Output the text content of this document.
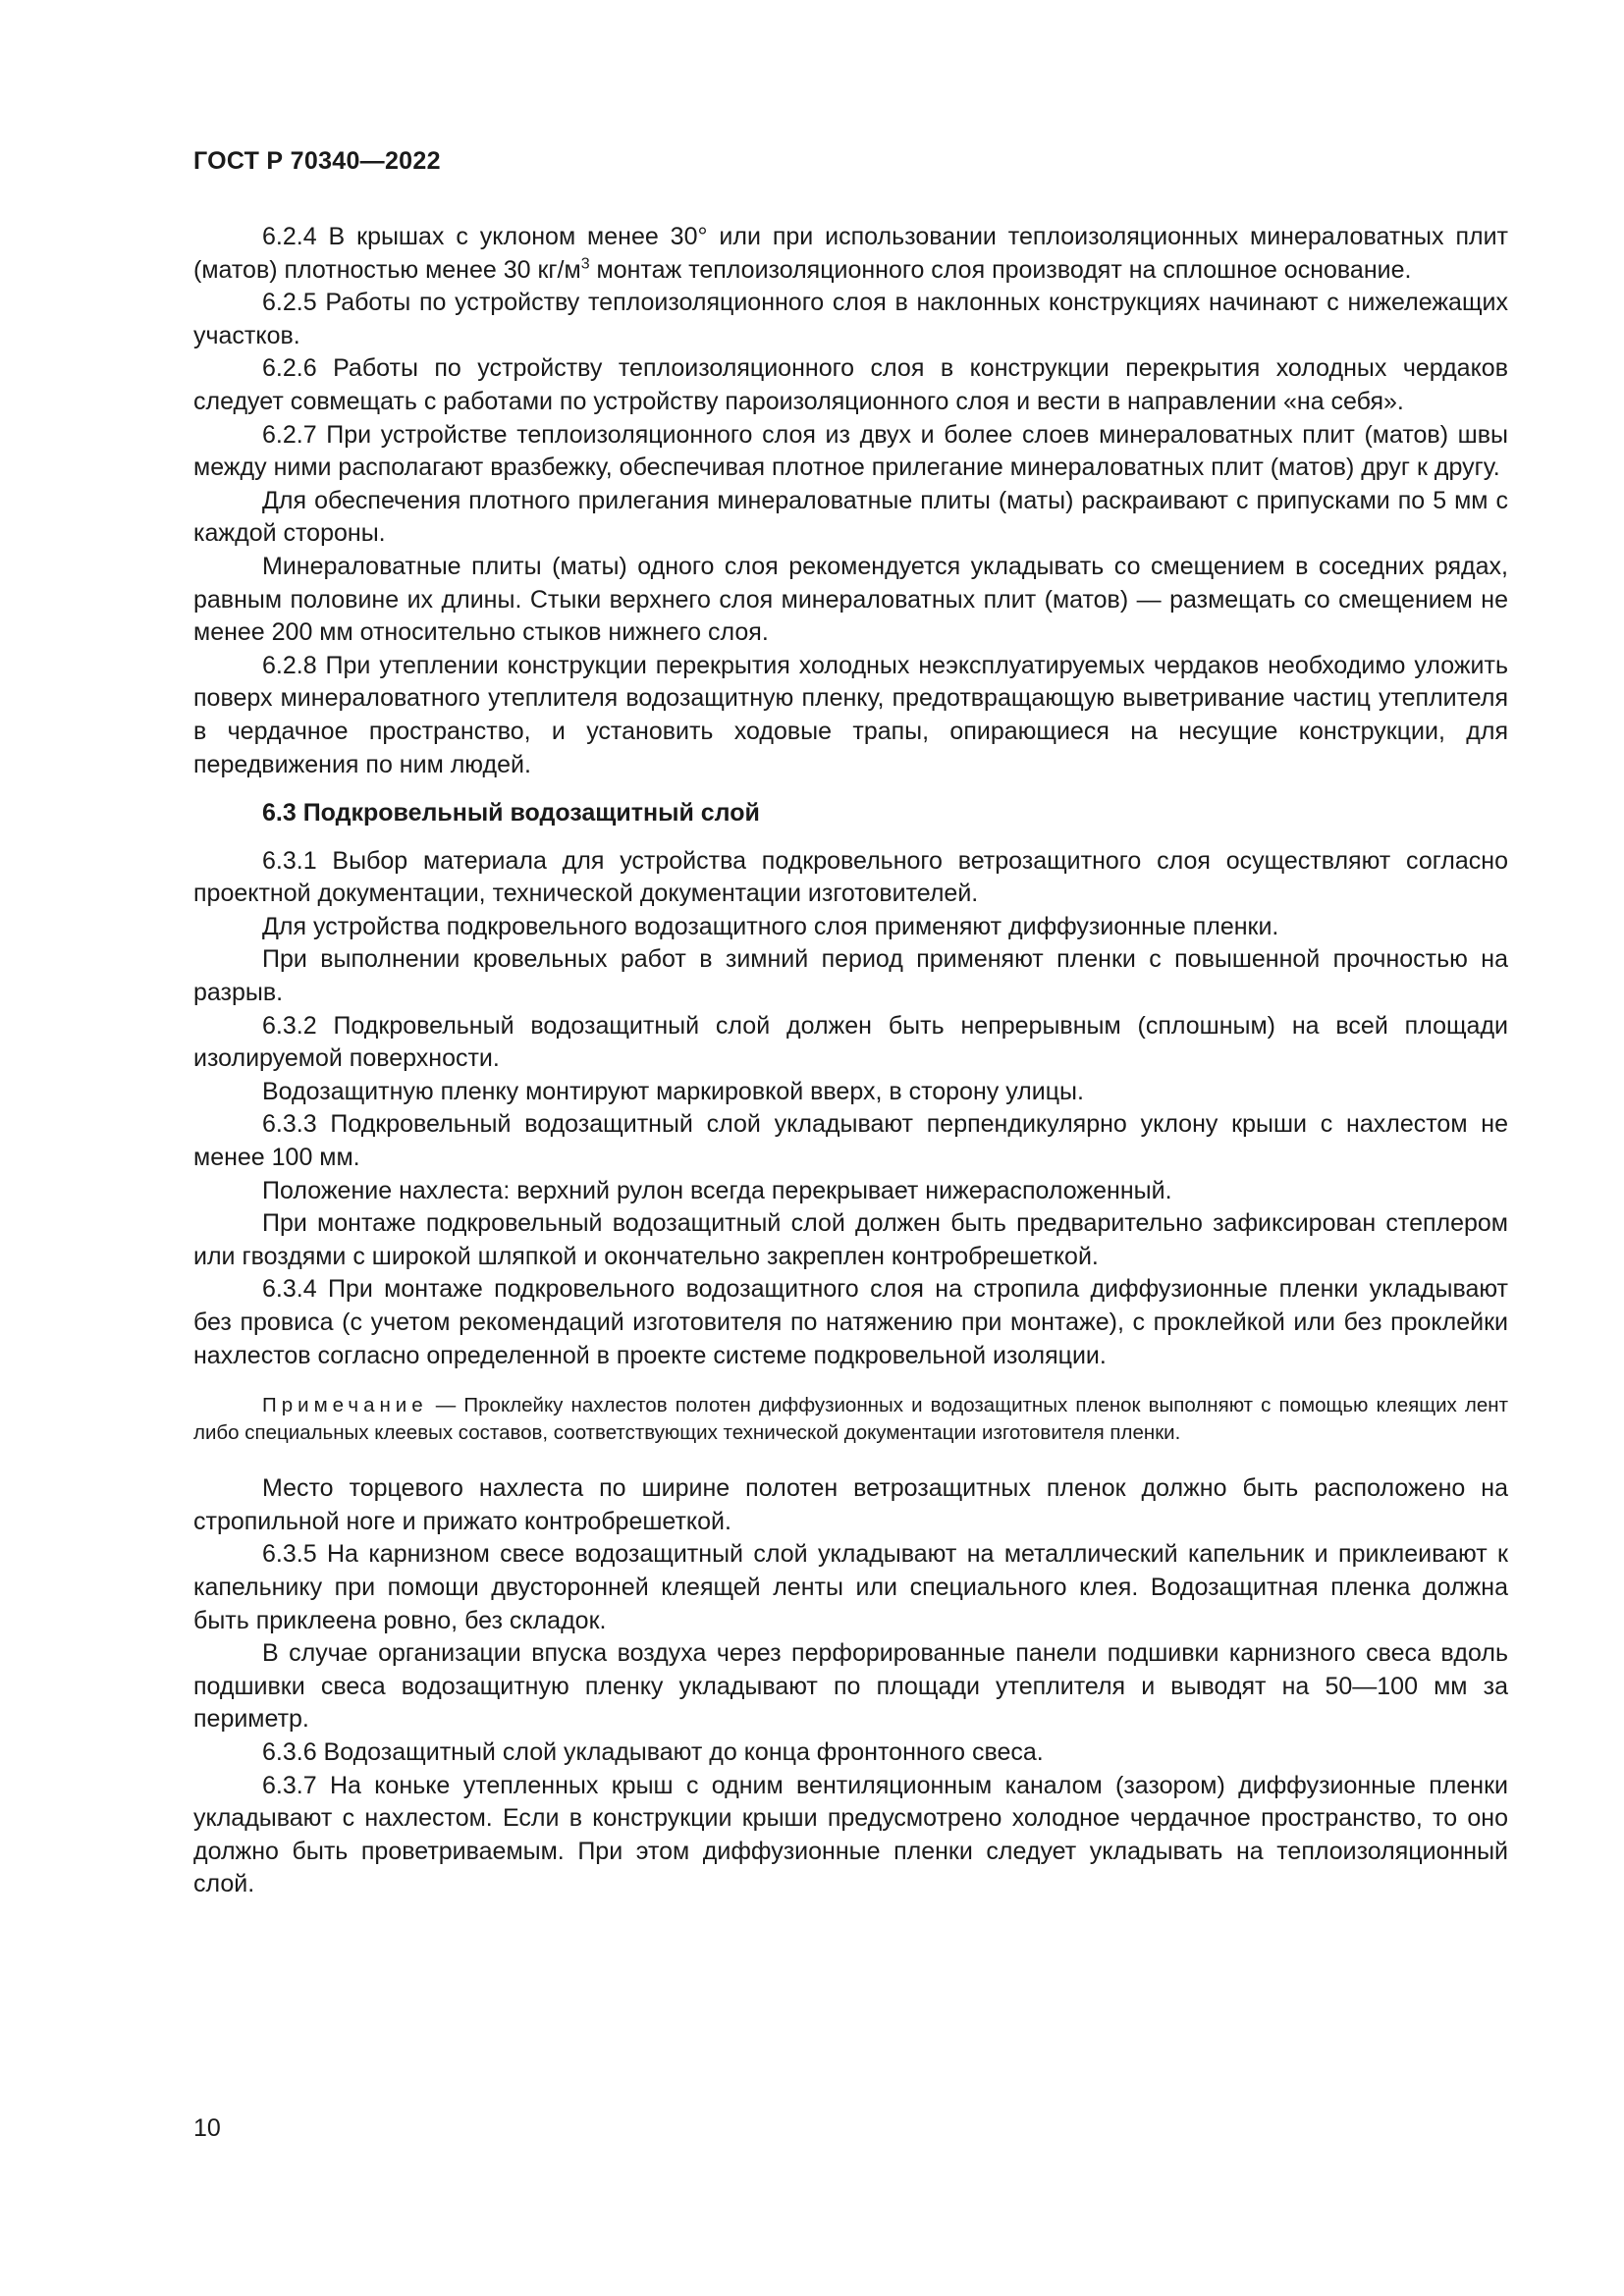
ГОСТ Р 70340—2022

6.2.4 В крышах с уклоном менее 30° или при использовании теплоизоляционных минераловатных плит (матов) плотностью менее 30 $кг/м^3$ монтаж теплоизоляционного слоя производят на сплошное основание.

6.2.5 Работы по устройству теплоизоляционного слоя в наклонных конструкциях начинают с нижележащих участков.

6.2.6 Работы по устройству теплоизоляционного слоя в конструкции перекрытия холодных чердаков следует совмещать с работами по устройству пароизоляционного слоя и вести в направлении «на себя».

6.2.7 При устройстве теплоизоляционного слоя из двух и более слоев минераловатных плит (матов) швы между ними располагают вразбежку, обеспечивая плотное прилегание минераловатных плит (матов) друг к другу.

Для обеспечения плотного прилегания минераловатные плиты (маты) раскраивают с припусками по 5 мм с каждой стороны.

Минераловатные плиты (маты) одного слоя рекомендуется укладывать со смещением в соседних рядах, равным половине их длины. Стыки верхнего слоя минераловатных плит (матов) — размещать со смещением не менее 200 мм относительно стыков нижнего слоя.

6.2.8 При утеплении конструкции перекрытия холодных неэксплуатируемых чердаков необходимо уложить поверх минераловатного утеплителя водозащитную пленку, предотвращающую выветривание частиц утеплителя в чердачное пространство, и установить ходовые трапы, опирающиеся на несущие конструкции, для передвижения по ним людей.

6.3 Подкровельный водозащитный слой

6.3.1 Выбор материала для устройства подкровельного ветрозащитного слоя осуществляют согласно проектной документации, технической документации изготовителей.

Для устройства подкровельного водозащитного слоя применяют диффузионные пленки.

При выполнении кровельных работ в зимний период применяют пленки с повышенной прочностью на разрыв.

6.3.2 Подкровельный водозащитный слой должен быть непрерывным (сплошным) на всей площади изолируемой поверхности.

Водозащитную пленку монтируют маркировкой вверх, в сторону улицы.

6.3.3 Подкровельный водозащитный слой укладывают перпендикулярно уклону крыши с нахлестом не менее 100 мм.

Положение нахлеста: верхний рулон всегда перекрывает нижерасположенный.

При монтаже подкровельный водозащитный слой должен быть предварительно зафиксирован степлером или гвоздями с широкой шляпкой и окончательно закреплен контробрешеткой.

6.3.4 При монтаже подкровельного водозащитного слоя на стропила диффузионные пленки укладывают без провиса (с учетом рекомендаций изготовителя по натяжению при монтаже), с проклейкой или без проклейки нахлестов согласно определенной в проекте системе подкровельной изоляции.

Примечание — Проклейку нахлестов полотен диффузионных и водозащитных пленок выполняют с помощью клеящих лент либо специальных клеевых составов, соответствующих технической документации изготовителя пленки.

Место торцевого нахлеста по ширине полотен ветрозащитных пленок должно быть расположено на стропильной ноге и прижато контробрешеткой.

6.3.5 На карнизном свесе водозащитный слой укладывают на металлический капельник и приклеивают к капельнику при помощи двусторонней клеящей ленты или специального клея. Водозащитная пленка должна быть приклеена ровно, без складок.

В случае организации впуска воздуха через перфорированные панели подшивки карнизного свеса вдоль подшивки свеса водозащитную пленку укладывают по площади утеплителя и выводят на 50—100 мм за периметр.

6.3.6 Водозащитный слой укладывают до конца фронтонного свеса.

6.3.7 На коньке утепленных крыш с одним вентиляционным каналом (зазором) диффузионные пленки укладывают с нахлестом. Если в конструкции крыши предусмотрено холодное чердачное пространство, то оно должно быть проветриваемым. При этом диффузионные пленки следует укладывать на теплоизоляционный слой.

10
